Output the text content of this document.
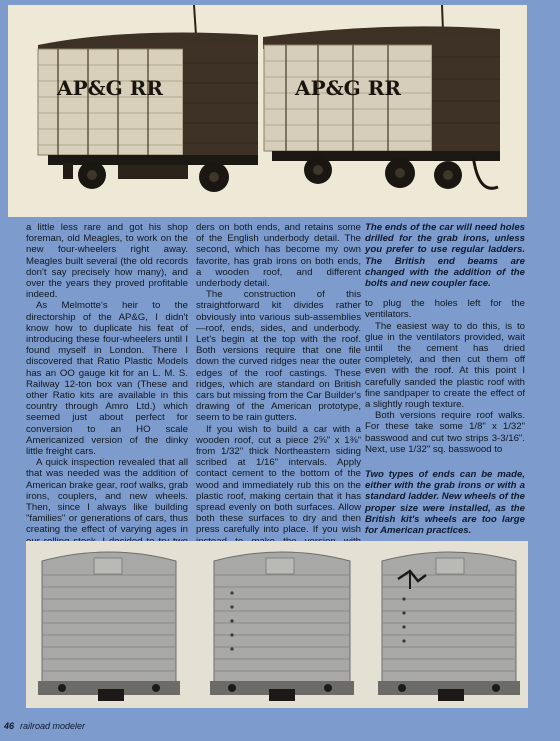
AP&G RR	AP&G RR

a little less rare and got his shop foreman, old Meagles, to work on the new four-wheelers right away. Meagles built several (the old records don't say precisely how many), and over the years they proved profitable indeed.

As Melmotte's heir to the directorship of the AP&G, I didn't know how to duplicate his feat of introducing these four-wheelers until I found myself in London. There I discovered that Ratio Plastic Models has an OO gauge kit for an L. M. S. Railway 12-ton box van (These and other Ratio kits are available in this country through Amro Ltd.) which seemed just about perfect for conversion to an HO scale Americanized version of the dinky little freight cars.

A quick inspection revealed that all that was needed was the addition of American brake gear, roof walks, grab irons, couplers, and new wheels. Then, since I always like building "families" or generations of cars, thus creating the effect of varying ages in

ders on both ends, and retains some of the English underbody detail. The second, which has become my own favorite, has grab irons on both ends, a wooden roof, and different underbody detail.

The construction of this straightforward kit divides rather obviously into various sub-assemblies—roof, ends, sides, and underbody. Let's begin at the top with the roof. Both versions require that one file down the curved ridges near the outer edges of the roof castings. These ridges, which are standard on British cars but missing from the Car Builder's drawing of the American prototype, seem to be rain gutters.

If you wish to build a car with a wooden roof, cut a piece 2⅝" x 1⅜" from 1/32" thick Northeastern siding scribed at 1/16" intervals. Apply contact cement to the bottom of the wood and immediately rub this on the plastic roof, making certain that it has spread evenly on both surfaces. Allow both these surfaces to dry and then press carefully into place. If you wish

The ends of the car will need holes drilled for the grab irons, unless you prefer to use regular ladders. The British end beams are changed with the addition of the bolts and new coupler face.

to plug the holes left for the ventilators.

The easiest way to do this, is to glue in the ventilators provided, wait until the cement has dried completely, and then cut them off even with the roof. At this point I carefully sanded the plastic roof with fine sandpaper to create the effect of a slightly rough texture.

Both versions require roof walks. For these take some 1/8" x 1/32" basswood and cut two strips 3-3/16". Next, use 1/32" sq. basswood to

Two types of ends can be made, either with the grab irons or with a standard ladder. New wheels of the proper size were installed, as the British kit's wheels are too large for American practices.

46 railroad modeler
